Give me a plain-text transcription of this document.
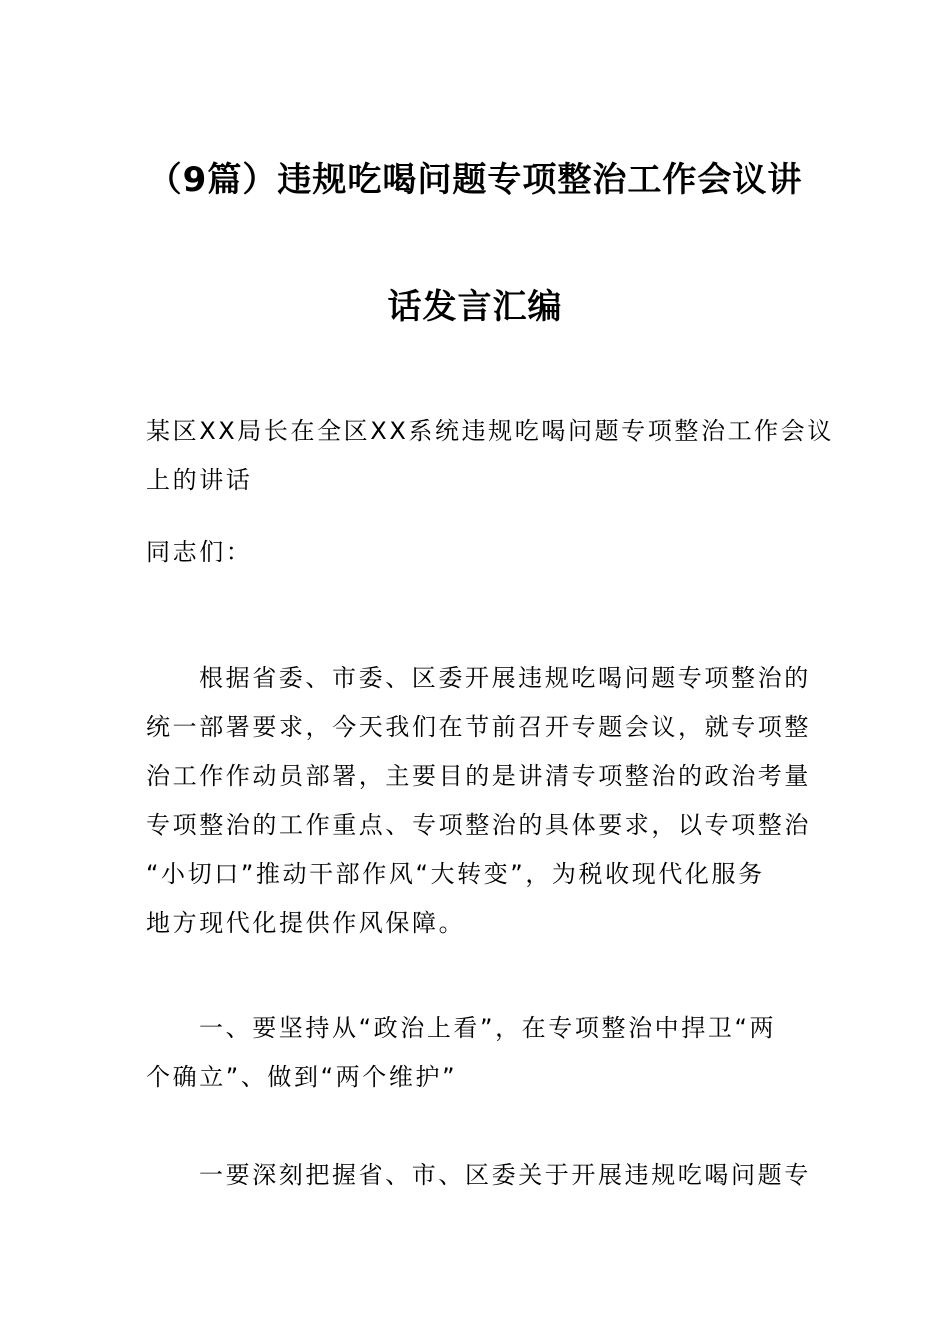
（9篇）违规吃喝问题专项整治工作会议讲
话发言汇编
某区XX局长在全区XX系统违规吃喝问题专项整治工作会议
上的讲话
同志们：
根据省委、市委、区委开展违规吃喝问题专项整治的
统一部署要求，今天我们在节前召开专题会议，就专项整
治工作作动员部署，主要目的是讲清专项整治的政治考量
专项整治的工作重点、专项整治的具体要求，以专项整治
“小切口”推动干部作风“大转变”，为税收现代化服务
地方现代化提供作风保障。
一、要坚持从“政治上看”，在专项整治中捍卫“两
个确立”、做到“两个维护”
一要深刻把握省、市、区委关于开展违规吃喝问题专
